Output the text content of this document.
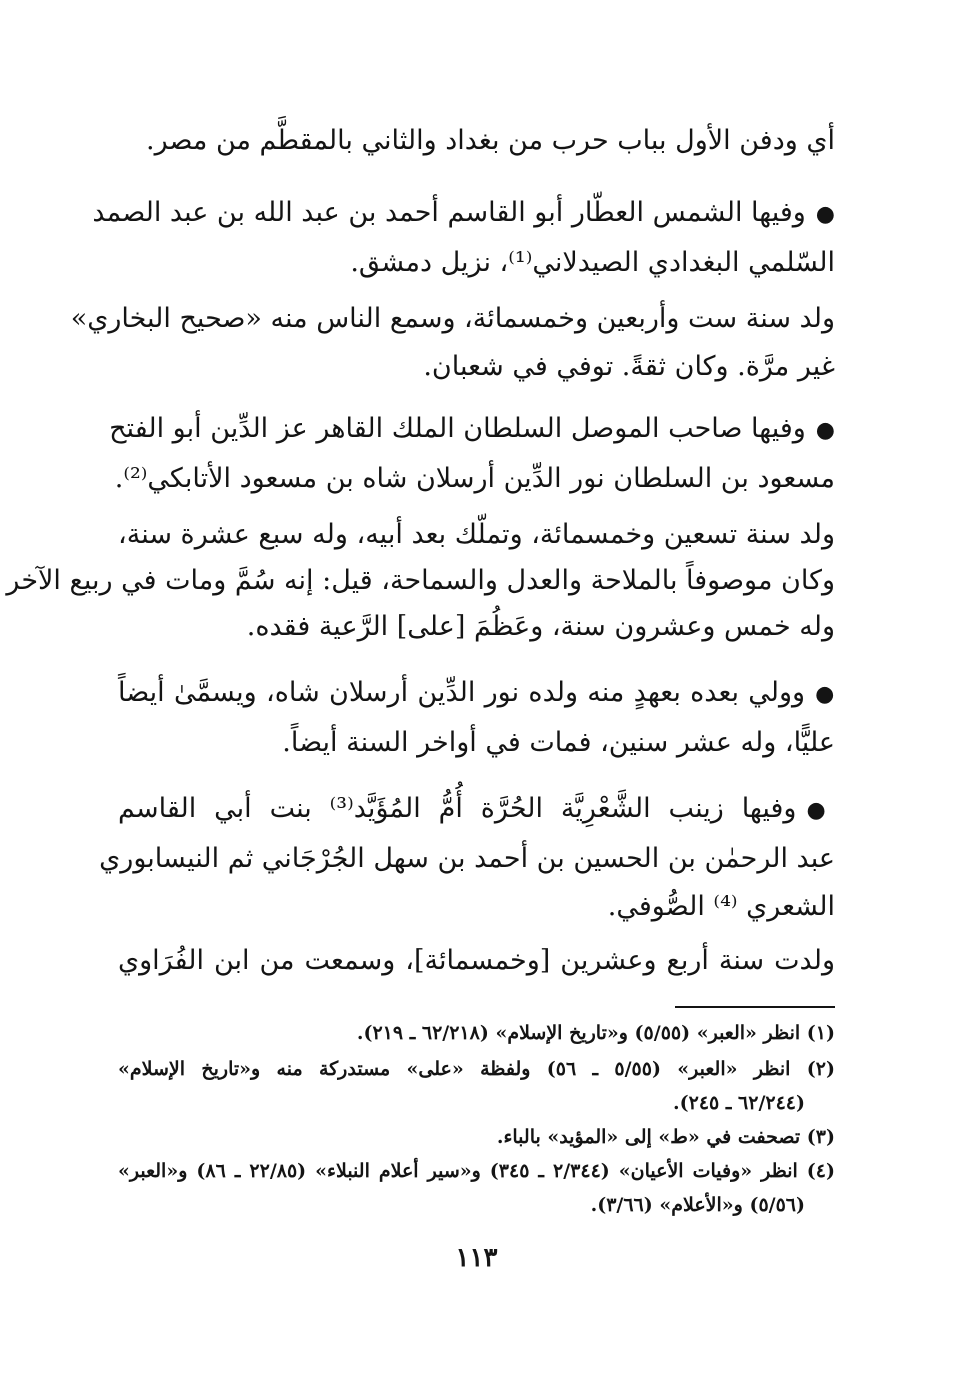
أي ودفن الأول بباب حرب من بغداد والثاني بالمقطَّم من مصر.
●وفيها الشمس العطّار أبو القاسم أحمد بن عبد الله بن عبد الصمد
السّلمي البغدادي الصيدلاني⁽¹⁾، نزيل دمشق.
ولد سنة ست وأربعين وخمسمائة، وسمع الناس منه «صحيح البخاري»
غير مرَّة. وكان ثقةً. توفي في شعبان.
●وفيها صاحب الموصل السلطان الملك القاهر عز الدِّين أبو الفتح
مسعود بن السلطان نور الدِّين أرسلان شاه بن مسعود الأتابكي⁽²⁾.
ولد سنة تسعين وخمسمائة، وتملّك بعد أبيه، وله سبع عشرة سنة،
وكان موصوفاً بالملاحة والعدل والسماحة، قيل: إنه سُمَّ ومات في ربيع الآخر
وله خمس وعشرون سنة، وعَظُمَ [على] الرَّعية فقده.
●وولي بعده بعهدٍ منه ولده نور الدِّين أرسلان شاه، ويسمَّىٰ أيضاً
عليًّا، وله عشر سنين، فمات في أواخر السنة أيضاً.
●وفيها زينب الشَّعْرِيَّة الحُرَّة أُمُّ المُؤَيَّد⁽³⁾ بنت أبي القاسم
عبد الرحمٰن بن الحسين بن أحمد بن سهل الجُرْجَاني ثم النيسابوري
الشعري ⁽⁴⁾ الصُّوفي.
ولدت سنة أربع وعشرين [وخمسمائة]، وسمعت من ابن الفُرَاوي
(١) انظر «العبر» (٥/٥٥) و«تاريخ الإسلام» (٦٢/٢١٨ ـ ٢١٩).
(٢) انظر «العبر» (٥/٥٥ ـ ٥٦) ولفظة «على» مستدركة منه و«تاريخ الإسلام»
(٦٢/٢٤٤ ـ ٢٤٥).
(٣) تصحفت في «ط» إلى «المؤيد» بالباء.
(٤) انظر «وفيات الأعيان» (٢/٣٤٤ ـ ٣٤٥) و«سير أعلام النبلاء» (٢٢/٨٥ ـ ٨٦) و«العبر»
(٥/٥٦) و«الأعلام» (٣/٦٦).
١١٣
